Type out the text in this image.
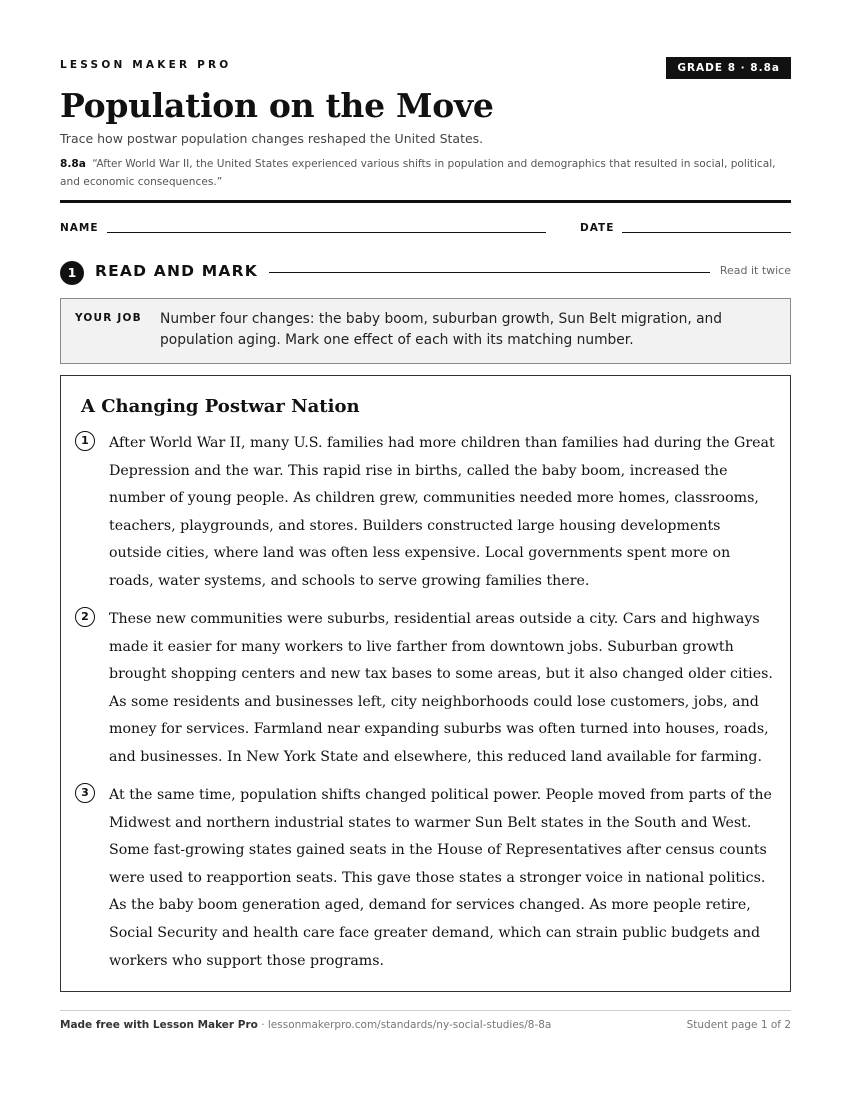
LESSON MAKER PRO	GRADE 8 · 8.8a
Population on the Move
Trace how postwar population changes reshaped the United States.
8.8a “After World War II, the United States experienced various shifts in population and demographics that resulted in social, political, and economic consequences.”
NAME	DATE
1	READ AND MARK	Read it twice
YOUR JOB Number four changes: the baby boom, suburban growth, Sun Belt migration, and population aging. Mark one effect of each with its matching number.
A Changing Postwar Nation
1	After World War II, many U.S. families had more children than families had during the Great Depression and the war. This rapid rise in births, called the baby boom, increased the number of young people. As children grew, communities needed more homes, classrooms, teachers, playgrounds, and stores. Builders constructed large housing developments outside cities, where land was often less expensive. Local governments spent more on roads, water systems, and schools to serve growing families there.

2	These new communities were suburbs, residential areas outside a city. Cars and highways made it easier for many workers to live farther from downtown jobs. Suburban growth brought shopping centers and new tax bases to some areas, but it also changed older cities. As some residents and businesses left, city neighborhoods could lose customers, jobs, and money for services. Farmland near expanding suburbs was often turned into houses, roads, and businesses. In New York State and elsewhere, this reduced land available for farming.

3	At the same time, population shifts changed political power. People moved from parts of the Midwest and northern industrial states to warmer Sun Belt states in the South and West. Some fast-growing states gained seats in the House of Representatives after census counts were used to reapportion seats. This gave those states a stronger voice in national politics. As the baby boom generation aged, demand for services changed. As more people retire, Social Security and health care face greater demand, which can strain public budgets and workers who support those programs.

Made free with Lesson Maker Pro · lessonmakerpro.com/standards/ny-social-studies/8-8a	Student page 1 of 2
